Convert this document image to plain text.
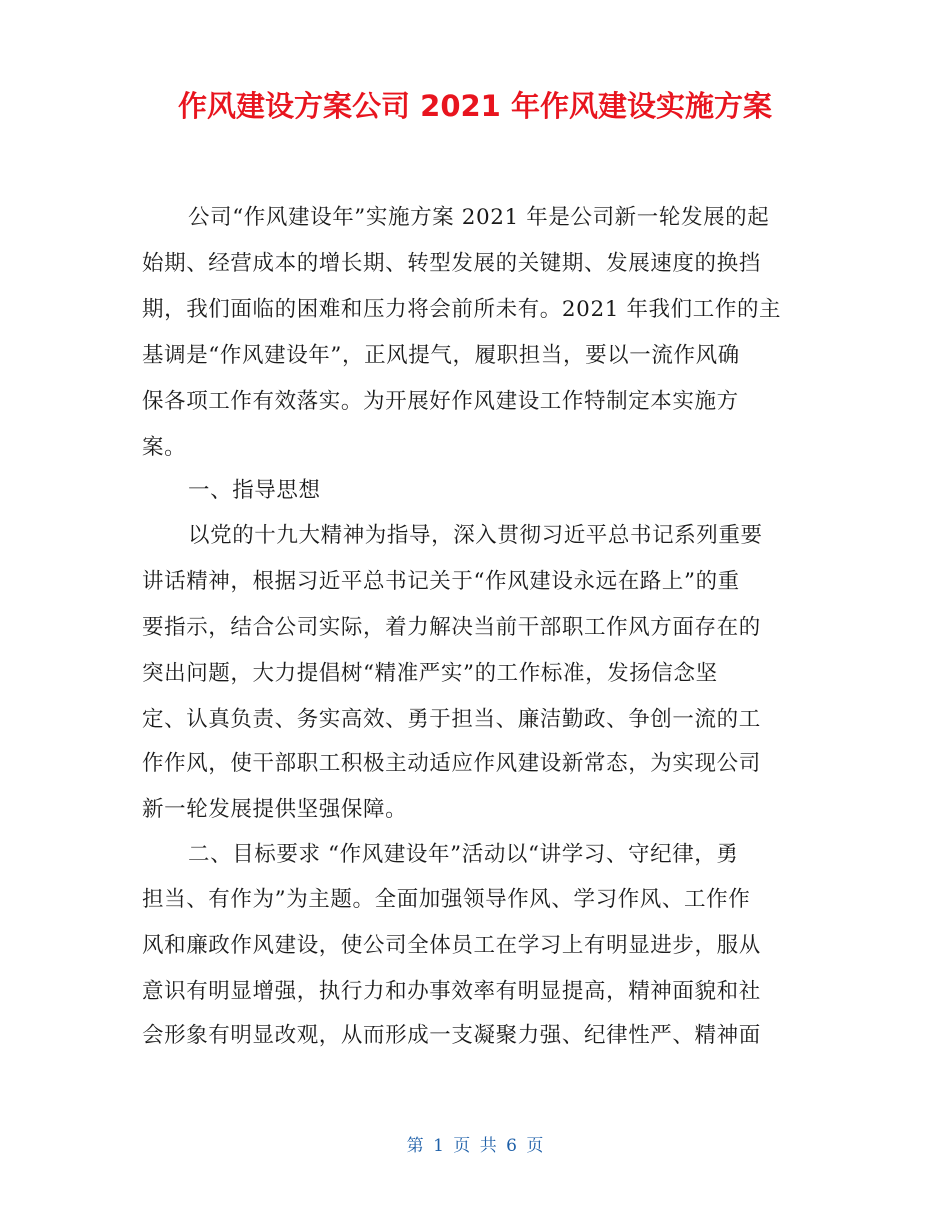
作风建设方案公司 2021 年作风建设实施方案
公司“作风建设年”实施方案 2021 年是公司新一轮发展的起
始期、经营成本的增长期、转型发展的关键期、发展速度的换挡
期，我们面临的困难和压力将会前所未有。2021 年我们工作的主
基调是“作风建设年”，正风提气，履职担当，要以一流作风确
保各项工作有效落实。为开展好作风建设工作特制定本实施方
案。
一、指导思想
以党的十九大精神为指导，深入贯彻习近平总书记系列重要
讲话精神，根据习近平总书记关于“作风建设永远在路上”的重
要指示，结合公司实际，着力解决当前干部职工作风方面存在的
突出问题，大力提倡树“精准严实”的工作标准，发扬信念坚
定、认真负责、务实高效、勇于担当、廉洁勤政、争创一流的工
作作风，使干部职工积极主动适应作风建设新常态，为实现公司
新一轮发展提供坚强保障。
二、目标要求 “作风建设年”活动以“讲学习、守纪律，勇
担当、有作为”为主题。全面加强领导作风、学习作风、工作作
风和廉政作风建设，使公司全体员工在学习上有明显进步，服从
意识有明显增强，执行力和办事效率有明显提高，精神面貌和社
会形象有明显改观，从而形成一支凝聚力强、纪律性严、精神面
第 1 页 共 6 页
